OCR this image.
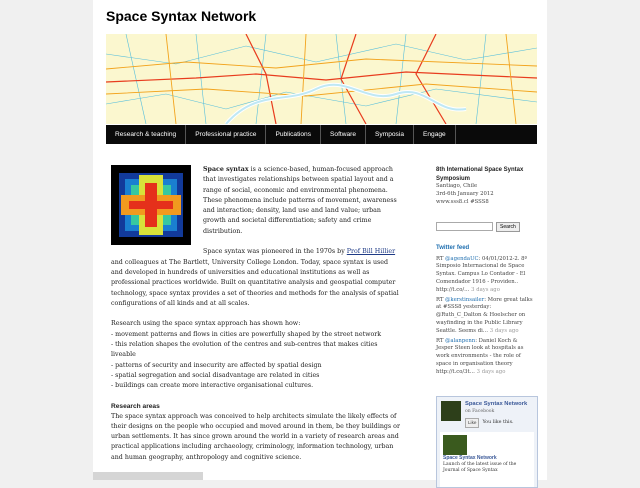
Space Syntax Network
Research & teaching	Professional practice	Publications	Software	Symposia	Engage

Space syntax is a science-based, human-focused approach that investigates relationships between spatial layout and a range of social, economic and environmental phenomena. These phenomena include patterns of movement, awareness and interaction; density, land use and land value; urban growth and societal differentiation; safety and crime distribution.

Space syntax was pioneered in the 1970s by Prof Bill Hillier and colleagues at The Bartlett, University College London. Today, space syntax is used and developed in hundreds of universities and educational institutions as well as professional practices worldwide. Built on quantitative analysis and geospatial computer technology, space syntax provides a set of theories and methods for the analysis of spatial configurations of all kinds and at all scales.

Research using the space syntax approach has shown how:

- movement patterns and flows in cities are powerfully shaped by the street network
- this relation shapes the evolution of the centres and sub-centres that makes cities liveable
- patterns of security and insecurity are affected by spatial design
- spatial segregation and social disadvantage are related in cities
- buildings can create more interactive organisational cultures.
Research areas

The space syntax approach was conceived to help architects simulate the likely effects of their designs on the people who occupied and moved around in them, be they buildings or urban settlements. It has since grown around the world in a variety of research areas and practical applications including archaeology, criminology, information technology, urban and human geography, anthropology and cognitive science.

8th International Space Syntax Symposium
Santiago, Chile
3rd-6th January 2012
www.sss8.cl #SSS8
Search
Twitter feed
RT @agendaUC: 04/01/2012-2. 8º Simposio Internacional de Space Syntax. Campus Lo Contador - El Comendador 1916 - Providen.. http://t.co/… 3 days ago
RT @kerstinsailer: More great talks at #SSS8 yesterday: @Ruth_C_Dalton & Hoelscher on wayfinding in the Public Library Seattle. Seems di… 3 days ago
RT @alanpenn: Daniel Koch & Jesper Steen look at hospitals as work environments - the role of space in organisation theory http://t.co/3t… 3 days ago
Space Syntax Network
on Facebook
Like	You like this.
Space Syntax Network
Launch of the latest issue of the Journal of Space Syntax
